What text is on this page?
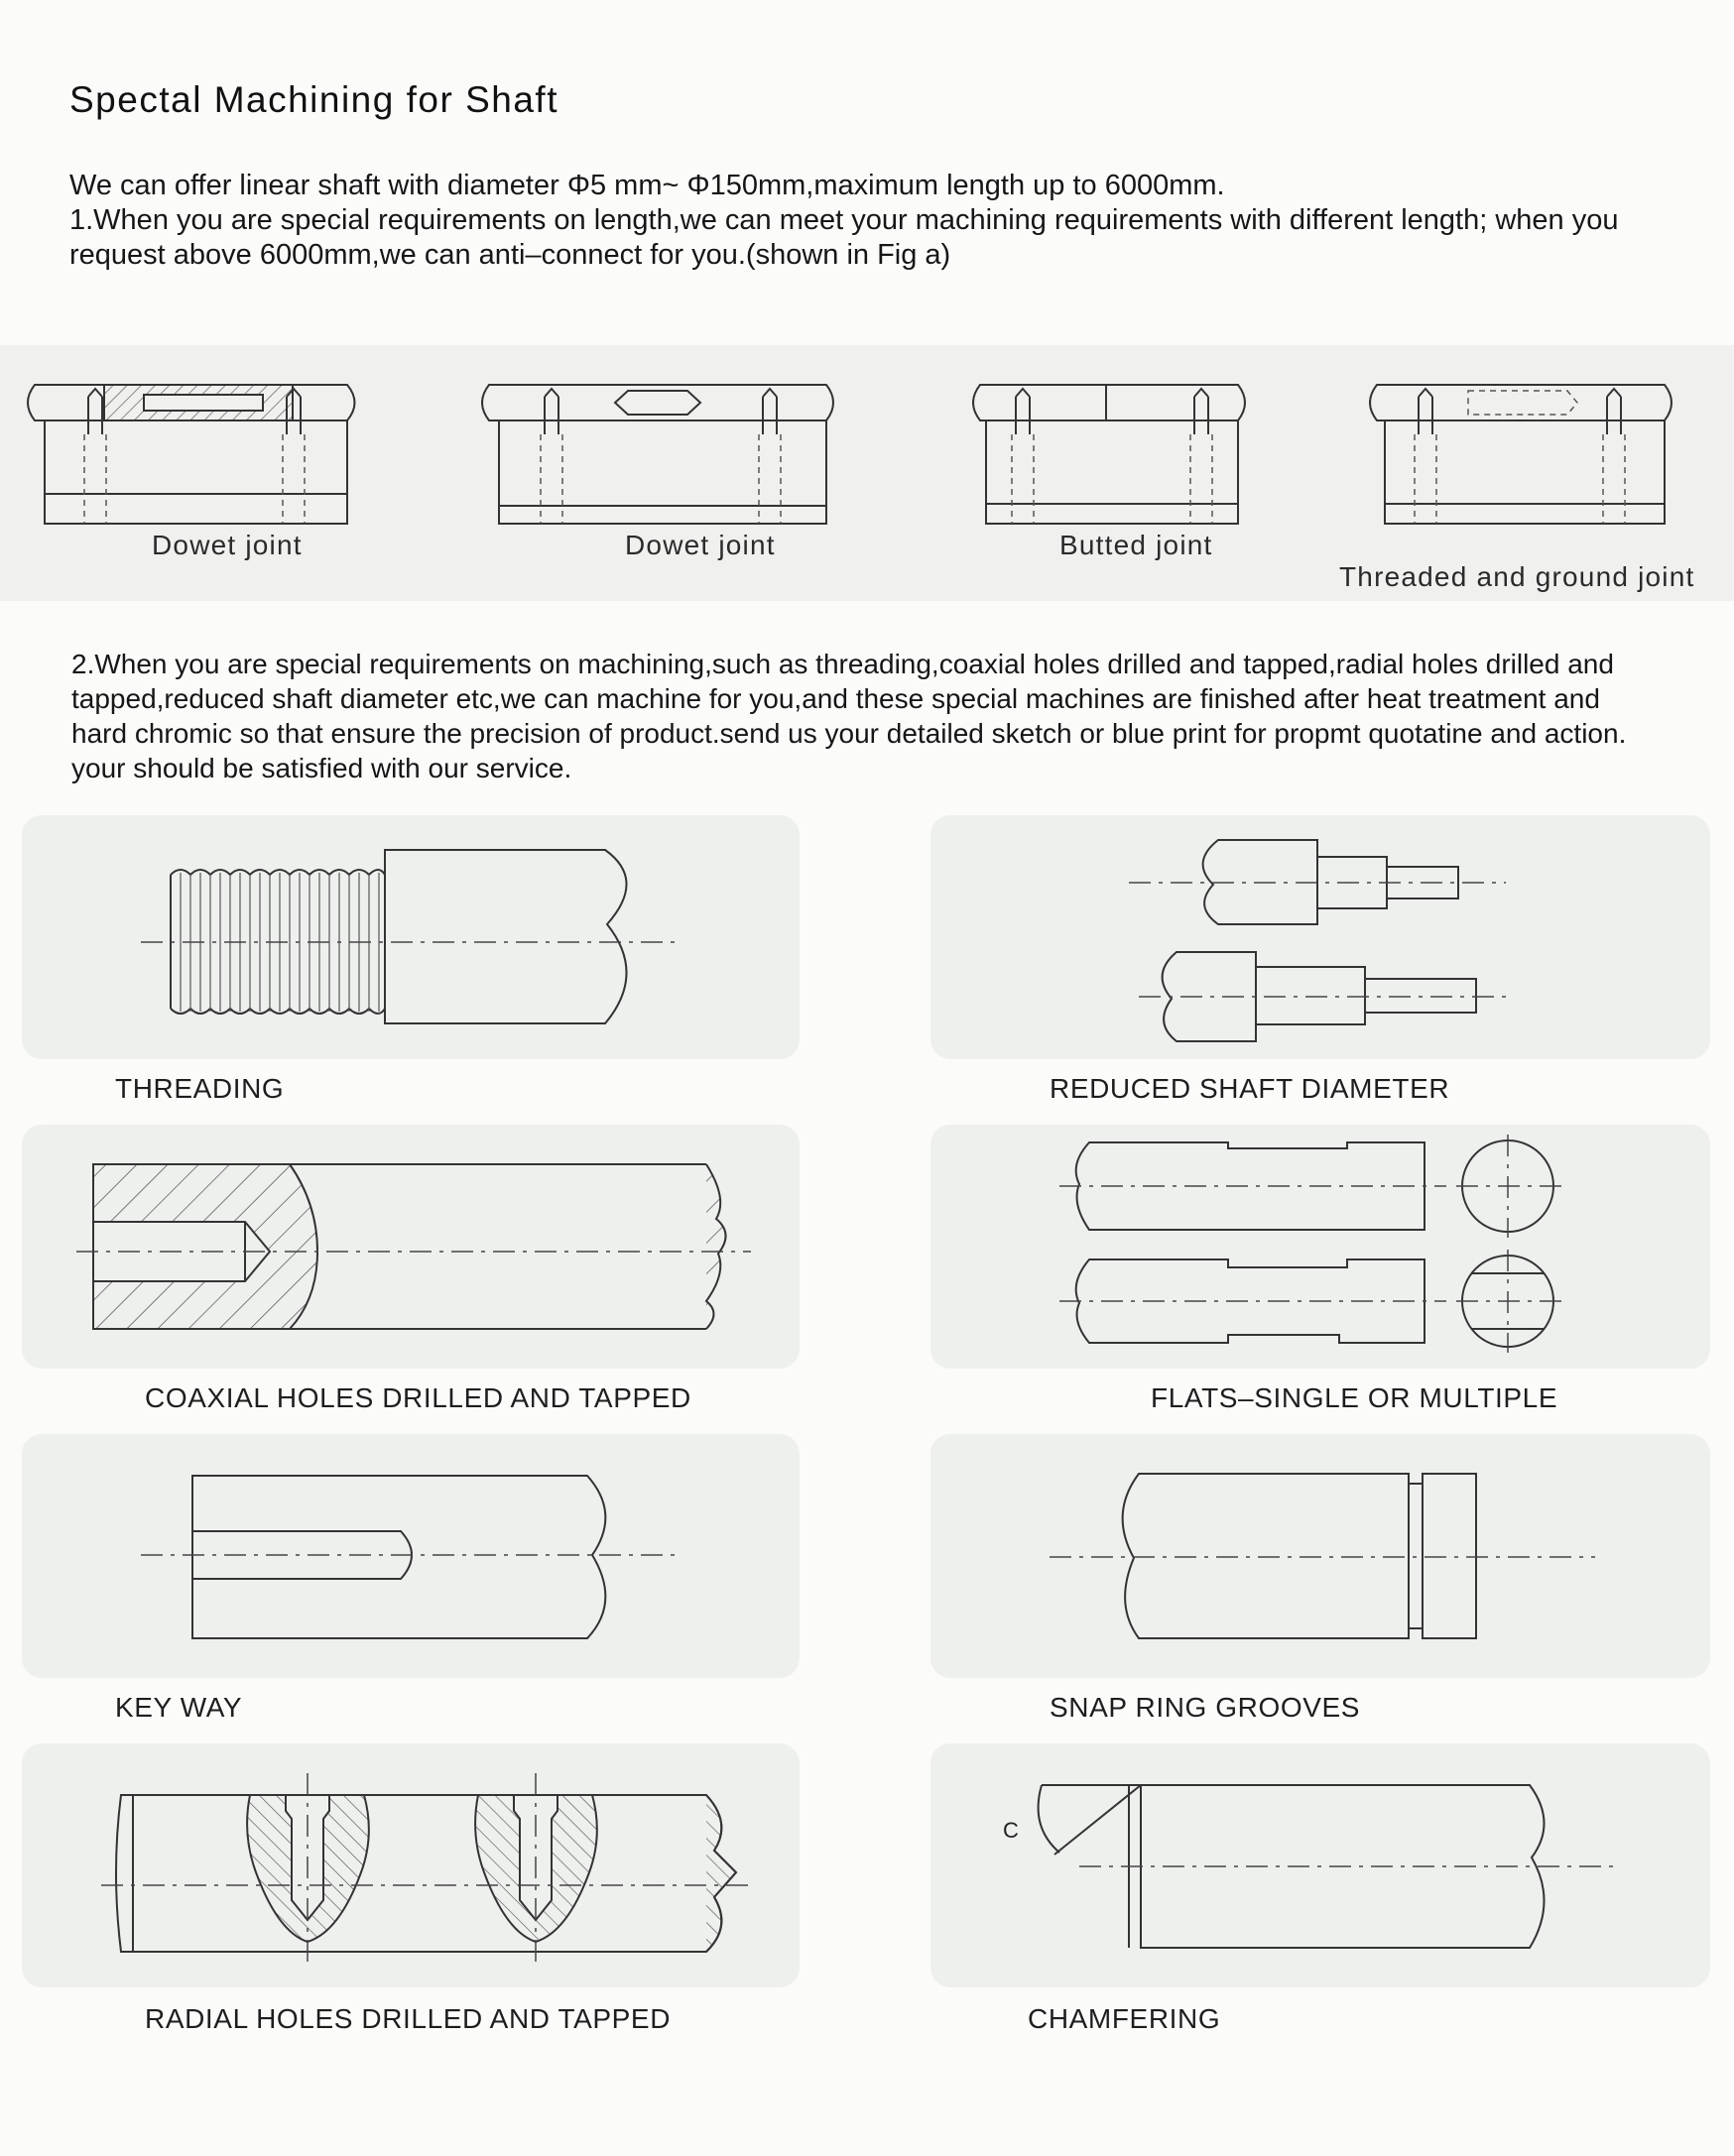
Spectal Machining for Shaft

We can offer linear shaft with diameter Φ5 mm~ Φ150mm,maximum length up to 6000mm.

1.When you are special requirements on length,we can meet your machining requirements with different length; when you request above 6000mm,we can anti–connect for you.(shown in Fig a)

Dowet joint	Dowet joint	Butted joint
Threaded and ground joint
2.When you are special requirements on machining,such as threading,coaxial holes drilled and tapped,radial holes drilled and tapped,reduced shaft diameter etc,we can machine for you,and these special machines are finished after heat treatment and hard chromic so that ensure the precision of product.send us your detailed sketch or blue print for propmt quotatine and action. your should be satisfied with our service.
THREADING	REDUCED SHAFT DIAMETER
COAXIAL HOLES DRILLED AND TAPPED	FLATS–SINGLE OR MULTIPLE
KEY WAY	SNAP RING GROOVES
RADIAL HOLES DRILLED AND TAPPED
C
CHAMFERING
